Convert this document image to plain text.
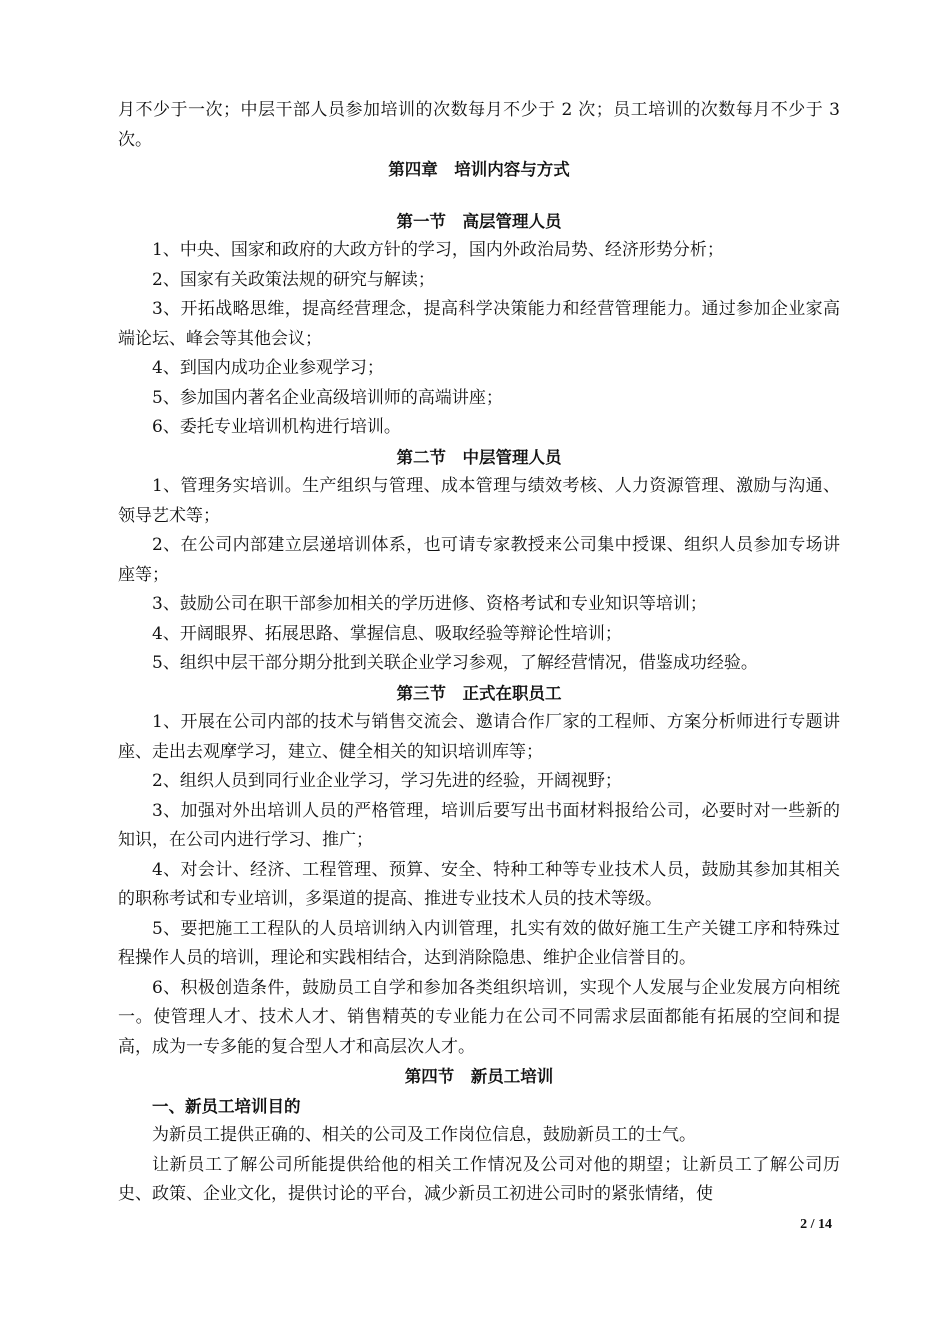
月不少于一次；中层干部人员参加培训的次数每月不少于 2 次；员工培训的次数每月不少于 3 次。

第四章　培训内容与方式

第一节　高层管理人员

1、中央、国家和政府的大政方针的学习，国内外政治局势、经济形势分析；

2、国家有关政策法规的研究与解读；

3、开拓战略思维，提高经营理念，提高科学决策能力和经营管理能力。通过参加企业家高端论坛、峰会等其他会议；

4、到国内成功企业参观学习；

5、参加国内著名企业高级培训师的高端讲座；

6、委托专业培训机构进行培训。

第二节　中层管理人员

1、管理务实培训。生产组织与管理、成本管理与绩效考核、人力资源管理、激励与沟通、领导艺术等；

2、在公司内部建立层递培训体系，也可请专家教授来公司集中授课、组织人员参加专场讲座等；

3、鼓励公司在职干部参加相关的学历进修、资格考试和专业知识等培训；

4、开阔眼界、拓展思路、掌握信息、吸取经验等辩论性培训；

5、组织中层干部分期分批到关联企业学习参观，了解经营情况，借鉴成功经验。

第三节　正式在职员工

1、开展在公司内部的技术与销售交流会、邀请合作厂家的工程师、方案分析师进行专题讲座、走出去观摩学习，建立、健全相关的知识培训库等；

2、组织人员到同行业企业学习，学习先进的经验，开阔视野；

3、加强对外出培训人员的严格管理，培训后要写出书面材料报给公司，必要时对一些新的知识，在公司内进行学习、推广；

4、对会计、经济、工程管理、预算、安全、特种工种等专业技术人员，鼓励其参加其相关的职称考试和专业培训，多渠道的提高、推进专业技术人员的技术等级。

5、要把施工工程队的人员培训纳入内训管理，扎实有效的做好施工生产关键工序和特殊过程操作人员的培训，理论和实践相结合，达到消除隐患、维护企业信誉目的。

6、积极创造条件，鼓励员工自学和参加各类组织培训，实现个人发展与企业发展方向相统一。使管理人才、技术人才、销售精英的专业能力在公司不同需求层面都能有拓展的空间和提高，成为一专多能的复合型人才和高层次人才。

第四节　新员工培训

一、新员工培训目的

为新员工提供正确的、相关的公司及工作岗位信息，鼓励新员工的士气。

让新员工了解公司所能提供给他的相关工作情况及公司对他的期望；让新员工了解公司历史、政策、企业文化，提供讨论的平台，减少新员工初进公司时的紧张情绪，使

2 / 14
